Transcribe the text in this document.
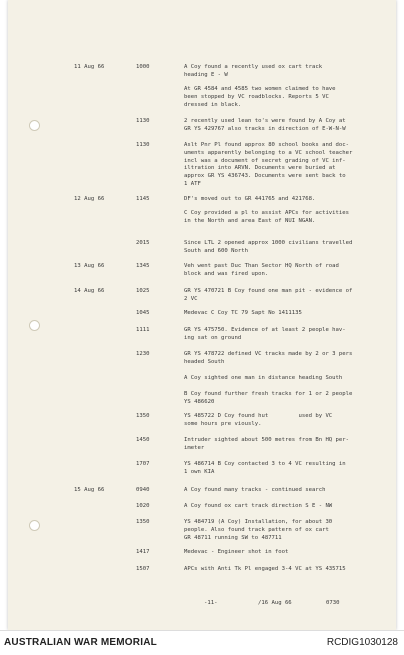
11 Aug 66	1000	A Coy found a recently used ox cart track
heading E - W
At GR 4584 and 4585 two women claimed to have
been stopped by VC roadblocks. Reports 5 VC
dressed in black.
1130	2 recently used lean to's were found by A Coy at
GR YS 429767 also tracks in direction of E-W-N-W
1130	Aslt Pnr Pl found approx 80 school books and doc-
uments apparently belonging to a VC school teacher
incl was a document of secret grading of VC inf-
iltration into ARVN. Documents were buried at
approx GR YS 436743. Documents were sent back to
1 ATF
12 Aug 66	1145	DF's moved out to GR 441765 and 421768.
C Coy provided a pl to assist APCs for activities
in the North and area East of NUI NGAN.
2015	Since LTL 2 opened approx 1000 civilians travelled
South and 600 North
13 Aug 66	1345	Veh went past Duc Than Sector HQ North of road
block and was fired upon.
14 Aug 66	1025	GR YS 470721 B Coy found one man pit - evidence of
2 VC
1045	Medevac C Coy TC 79 Sapt No 1411135
1111	GR YS 475750. Evidence of at least 2 people hav-
ing sat on ground
1230	GR YS 478722 defined VC tracks made by 2 or 3 pers
headed South
A Coy sighted one man in distance heading South
B Coy found further fresh tracks for 1 or 2 people
YS 486620
1350	YS 485722 D Coy found hut         used by VC
some hours pre viously.
1450	Intruder sighted about 500 metres from Bn HQ per-
imeter
1707	YS 486714 B Coy contacted 3 to 4 VC resulting in
1 own KIA
15 Aug 66	0940	A Coy found many tracks - continued search
1020	A Coy found ox cart track direction S E - NW
1350	YS 484719 (A Coy) Installation, for about 30
people. Also found track pattern of ox cart
GR 48711 running SW to 487711
1417	Medevac - Engineer shot in foot
1507	APCs with Anti Tk Pl engaged 3-4 VC at YS 435715
-11-	/16 Aug 66	0730
AUSTRALIAN WAR MEMORIAL	RCDIG1030128
